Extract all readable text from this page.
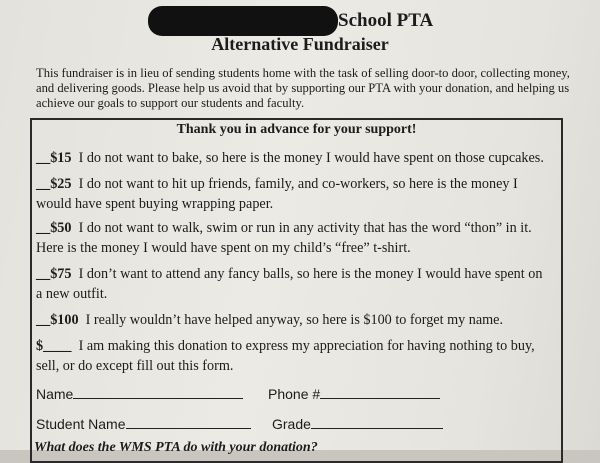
School PTA
Alternative Fundraiser
This fundraiser is in lieu of sending students home with the task of selling door-to door, collecting money,
and delivering goods. Please help us avoid that by supporting our PTA with your donation, and helping us
achieve our goals to support our students and faculty.
Thank you in advance for your support!
__$15 I do not want to bake, so here is the money I would have spent on those cupcakes.
__$25 I do not want to hit up friends, family, and co-workers, so here is the money I
would have spent buying wrapping paper.
__$50 I do not want to walk, swim or run in any activity that has the word “thon” in it.
Here is the money I would have spent on my child’s “free” t-shirt.
__$75 I don’t want to attend any fancy balls, so here is the money I would have spent on
a new outfit.
__$100 I really wouldn’t have helped anyway, so here is $100 to forget my name.
$____ I am making this donation to express my appreciation for having nothing to buy,
sell, or do except fill out this form.
Name	Phone #
Student Name	Grade
What does the WMS PTA do with your donation?
